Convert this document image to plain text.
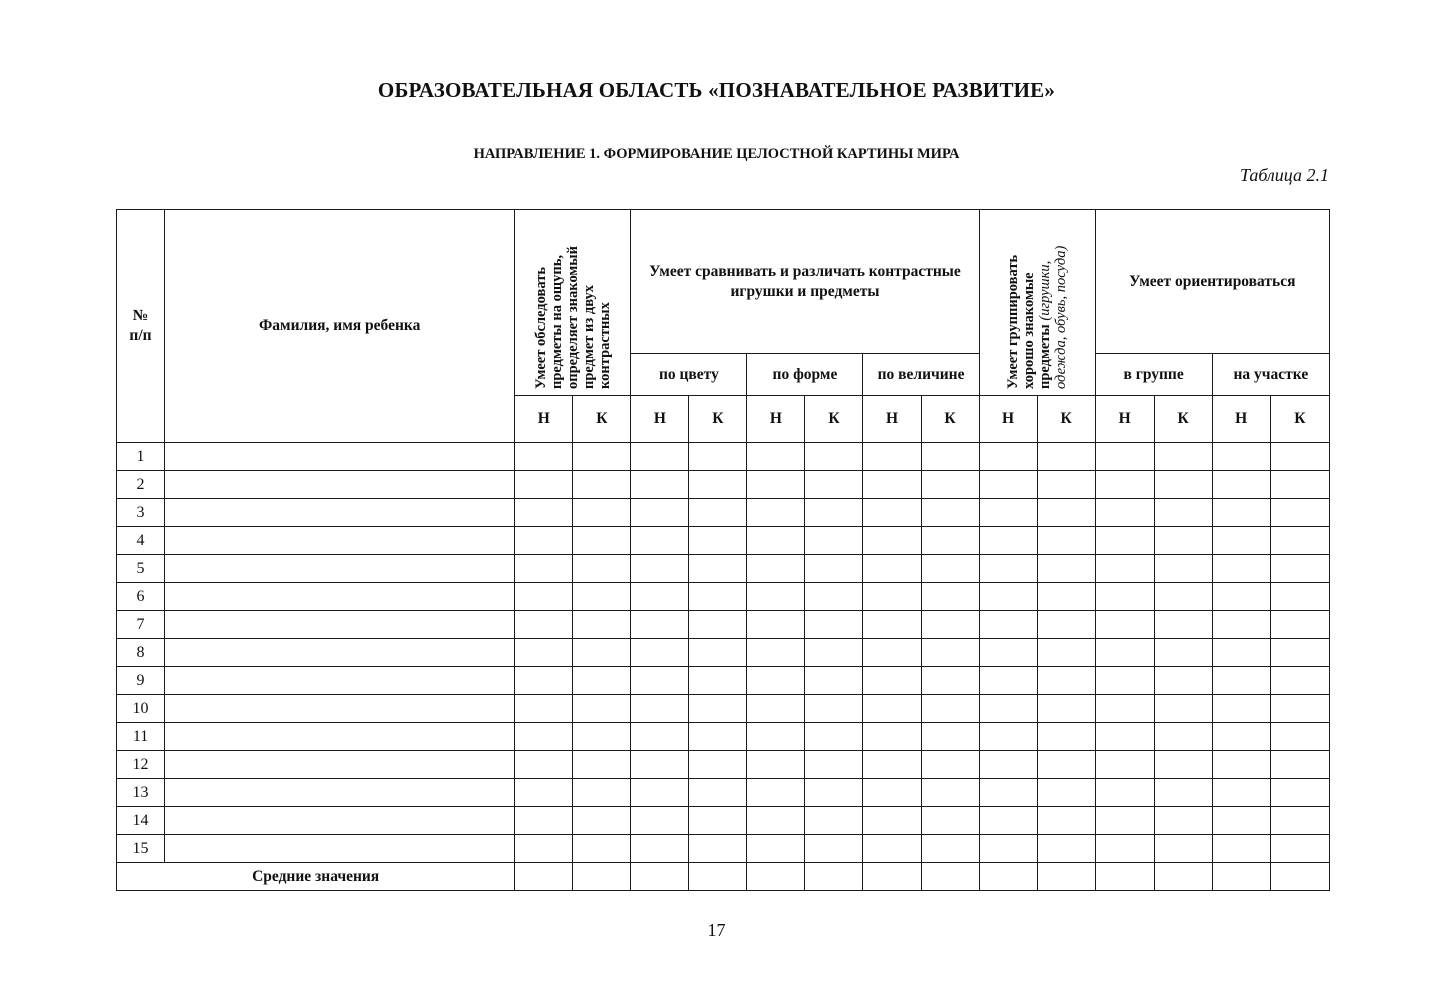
ОБРАЗОВАТЕЛЬНАЯ ОБЛАСТЬ «ПОЗНАВАТЕЛЬНОЕ РАЗВИТИЕ»
НАПРАВЛЕНИЕ 1. ФОРМИРОВАНИЕ ЦЕЛОСТНОЙ КАРТИНЫ МИРА
Таблица 2.1
№ п/п	Фамилия, имя ребенка	Умеет обследовать предметы на ощупь, определяет знакомый предмет из двух контрастных		Умеет сравнивать и различать контрастные игрушки и предметы						Умеет группировать хорошо знакомые предметы (игрушки, одежда, обувь, посуда)		Умеет ориентироваться			
				по цвету		по форме		по величине				в группе		на участке	
		Н	К	Н	К	Н	К	Н	К	Н	К	Н	К	Н	К
1															
2															
3															
4															
5															
6															
7															
8															
9															
10															
11															
12															
13															
14															
15															
Средние значения															
17
